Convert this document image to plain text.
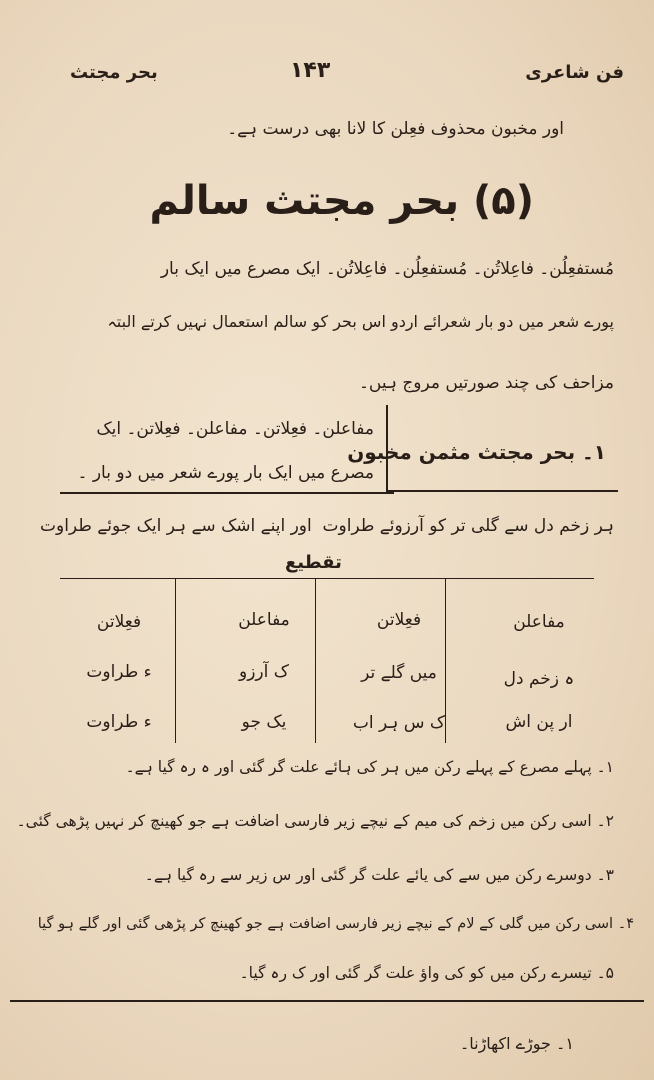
فن شاعری
۱۴۳
بحر مجتث
اور مخبون محذوف فعِلن کا لانا بھی درست ہے۔
(۵) بحر مجتث سالم
مُستفعِلُن۔ فاعِلاتُن۔ مُستفعِلُن۔ فاعِلاتُن۔ ایک مصرع میں ایک بار
پورے شعر میں دو بار شعرائے اردو اس بحر کو سالم استعمال نہیں کرتے البتہ
مزاحف کی چند صورتیں مروج ہیں۔
۱۔ بحر مجتث مثمن مخبون
مفاعلن۔ فعِلاتن۔ مفاعلن۔ فعِلاتن۔ ایک
مصرع میں ایک بار پورے شعر میں دو بار ۔
ہر زخم دل سے گلی تر کو آرزوئے طراوت
اور اپنے اشک سے ہر ایک جوئے طراوت
تقطیع
مفاعلن
ہ زخم دل
ار پن اش
فعِلاتن
میں گلے تر
ک س ہر اب
مفاعلن
ک آرزو
یک جو
فعِلاتن
ء طراوت
ء طراوت
۱۔ پہلے مصرع کے پہلے رکن میں ہر کی ہائے علت گر گئی اور ہ رہ گیا ہے۔
۲۔ اسی رکن میں زخم کی میم کے نیچے زیر فارسی اضافت ہے جو کھینچ کر نہیں پڑھی گئی۔
۳۔ دوسرے رکن میں سے کی یائے علت گر گئی اور س زیر سے رہ گیا ہے۔
۴۔ اسی رکن میں گلی کے لام کے نیچے زیر فارسی اضافت ہے جو کھینچ کر پڑھی گئی اور گلے ہو گیا
۵۔ تیسرے رکن میں کو کی واؤ علت گر گئی اور ک رہ گیا۔
۱۔ جوڑے اکھاڑنا۔
